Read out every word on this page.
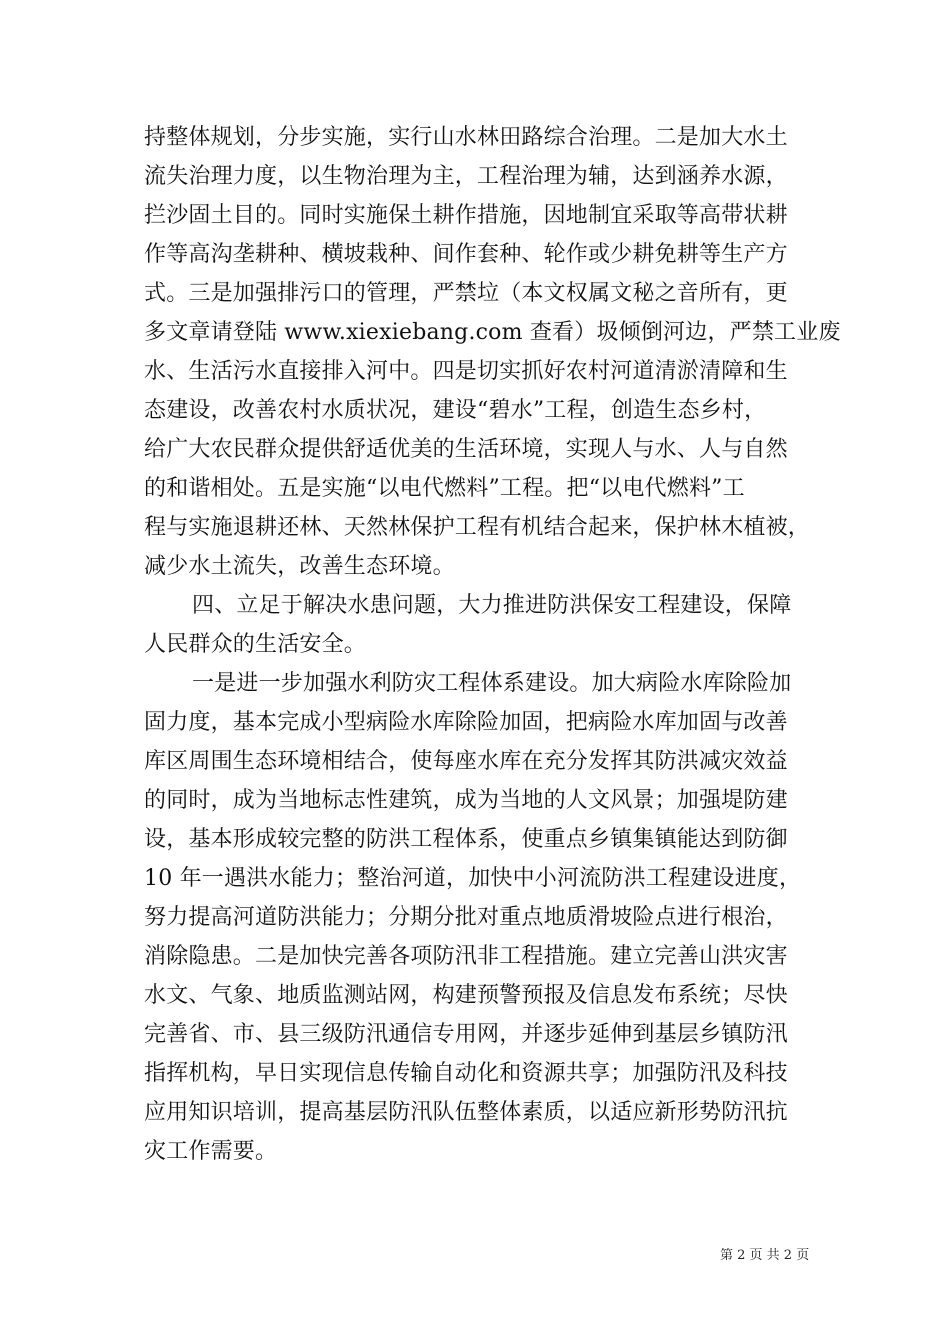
持整体规划，分步实施，实行山水林田路综合治理。二是加大水土
流失治理力度，以生物治理为主，工程治理为辅，达到涵养水源，
拦沙固土目的。同时实施保土耕作措施，因地制宜采取等高带状耕
作等高沟垄耕种、横坡栽种、间作套种、轮作或少耕免耕等生产方
式。三是加强排污口的管理，严禁垃（本文权属文秘之音所有，更
多文章请登陆 www.xiexiebang.com 查看）圾倾倒河边，严禁工业废
水、生活污水直接排入河中。四是切实抓好农村河道清淤清障和生
态建设，改善农村水质状况，建设“碧水”工程，创造生态乡村，
给广大农民群众提供舒适优美的生活环境，实现人与水、人与自然
的和谐相处。五是实施“以电代燃料”工程。把“以电代燃料”工
程与实施退耕还林、天然林保护工程有机结合起来，保护林木植被，
减少水土流失，改善生态环境。
四、立足于解决水患问题，大力推进防洪保安工程建设，保障
人民群众的生活安全。
一是进一步加强水利防灾工程体系建设。加大病险水库除险加
固力度，基本完成小型病险水库除险加固，把病险水库加固与改善
库区周围生态环境相结合，使每座水库在充分发挥其防洪减灾效益
的同时，成为当地标志性建筑，成为当地的人文风景；加强堤防建
设，基本形成较完整的防洪工程体系，使重点乡镇集镇能达到防御
10 年一遇洪水能力；整治河道，加快中小河流防洪工程建设进度，
努力提高河道防洪能力；分期分批对重点地质滑坡险点进行根治，
消除隐患。二是加快完善各项防汛非工程措施。建立完善山洪灾害
水文、气象、地质监测站网，构建预警预报及信息发布系统；尽快
完善省、市、县三级防汛通信专用网，并逐步延伸到基层乡镇防汛
指挥机构，早日实现信息传输自动化和资源共享；加强防汛及科技
应用知识培训，提高基层防汛队伍整体素质，以适应新形势防汛抗
灾工作需要。
第 2 页 共 2 页
